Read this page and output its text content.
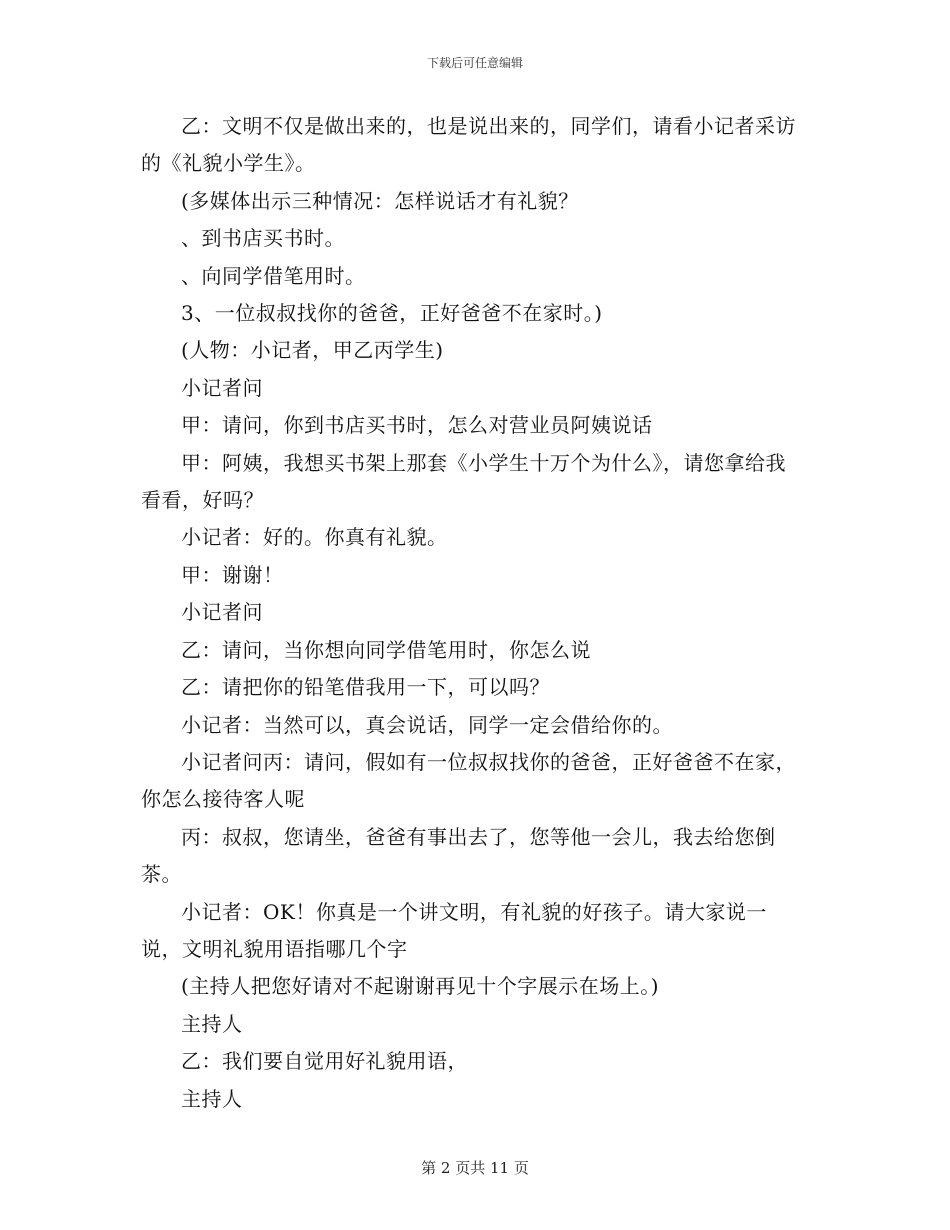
下载后可任意编辑

乙：文明不仅是做出来的，也是说出来的，同学们，请看小记者采访的《礼貌小学生》。

(多媒体出示三种情况：怎样说话才有礼貌？

、到书店买书时。

、向同学借笔用时。

3、一位叔叔找你的爸爸，正好爸爸不在家时。)

(人物：小记者，甲乙丙学生)

小记者问

甲：请问，你到书店买书时，怎么对营业员阿姨说话

甲：阿姨，我想买书架上那套《小学生十万个为什么》，请您拿给我看看，好吗？

小记者：好的。你真有礼貌。

甲：谢谢！

小记者问

乙：请问，当你想向同学借笔用时，你怎么说

乙：请把你的铅笔借我用一下，可以吗？

小记者：当然可以，真会说话，同学一定会借给你的。

小记者问丙：请问，假如有一位叔叔找你的爸爸，正好爸爸不在家，你怎么接待客人呢

丙：叔叔，您请坐，爸爸有事出去了，您等他一会儿，我去给您倒茶。

小记者：OK！你真是一个讲文明，有礼貌的好孩子。请大家说一说，文明礼貌用语指哪几个字

(主持人把您好请对不起谢谢再见十个字展示在场上。)

主持人

乙：我们要自觉用好礼貌用语，

主持人

第 2 页共 11 页
